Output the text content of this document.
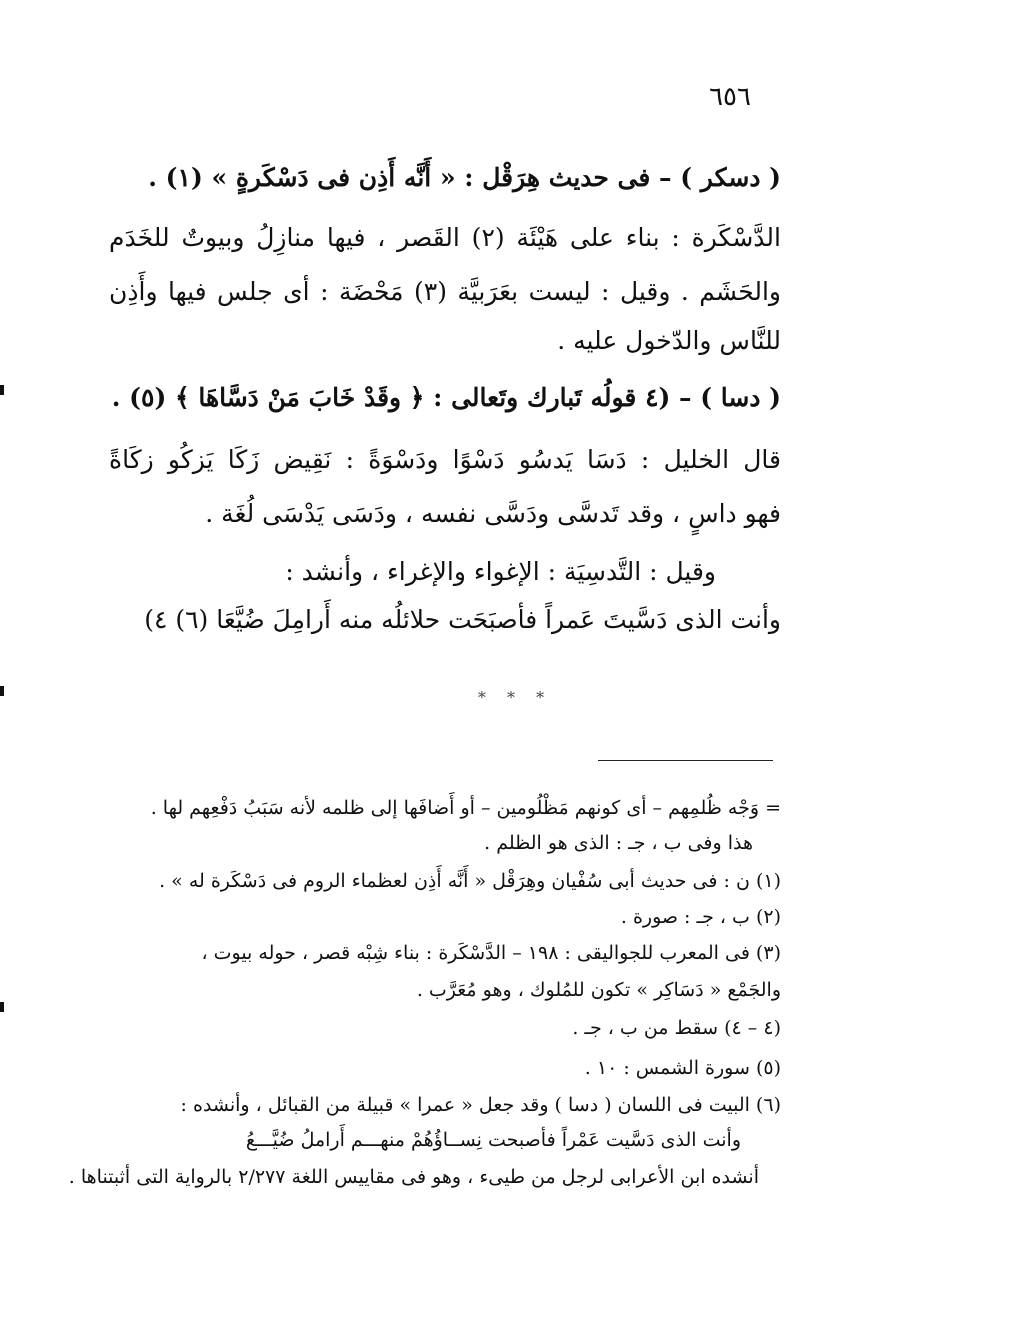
٦٥٦
( دسكر ) – فى حديث هِرَقْل : « أَنَّه أَذِن فى دَسْكَرةٍ » (١) .
الدَّسْكَرة : بناء على هَيْئَة (٢) القَصر ، فيها منازِلُ وبيوتٌ للخَدَم
والحَشَم . وقيل : ليست بعَرَبيَّة (٣) مَحْضَة : أى جلس فيها وأَذِن
للنَّاس والدّخول عليه .
( دسا ) – (٤ قولُه تَبارك وتَعالى : ﴿ وقَدْ خَابَ مَنْ دَسَّاهَا ﴾ (٥) .
قال الخليل : دَسَا يَدسُو دَسْوًا ودَسْوَةً : نَقِيض زَكَا يَزكُو زكَاةً
فهو داسٍ ، وقد تَدسَّى ودَسَّى نفسه ، ودَسَى يَدْسَى لُغَة .
وقيل : التَّدسِيَة : الإغواء والإغراء ، وأنشد :
وأنت الذى دَسَّيتَ عَمراً فأصبَحَت حلائلُه منه أَرامِلَ ضُيَّعَا (٦) ٤)
* * *
= وَجْه ظُلمِهم – أى كونهم مَظْلُومين – أو أَضافَها إلى ظلمه لأنه سَبَبُ دَفْعِهم لها .
هذا وفى ب ، جـ : الذى هو الظلم .
(١) ن : فى حديث أبى سُفْيان وهِرَقْل « أَنَّه أَذِن لعظماء الروم فى دَسْكَرة له » .
(٢) ب ، جـ : صورة .
(٣) فى المعرب للجواليقى : ١٩٨ – الدَّسْكَرة : بناء شِبْه قصر ، حوله بيوت ،
والجَمْع « دَسَاكِر » تكون للمُلوك ، وهو مُعَرَّب .
(٤ – ٤) سقط من ب ، جـ .
(٥) سورة الشمس : ١٠ .
(٦) البيت فى اللسان ( دسا ) وقد جعل « عمرا » قبيلة من القبائل ، وأنشده :
وأنت الذى دَسَّيت عَمْراً فأصبحت نِســاؤُهُمْ منهـــم أَراملُ ضُيَّـــعُ
أنشده ابن الأعرابى لرجل من طيىء ، وهو فى مقاييس اللغة ٢/٢٧٧ بالرواية التى أثبتناها .
